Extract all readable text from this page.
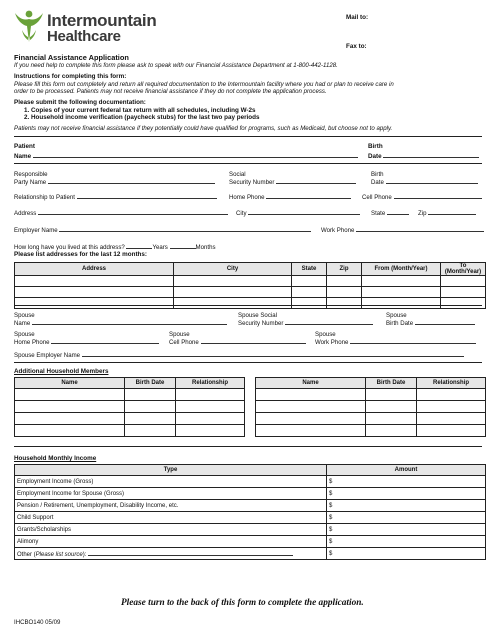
Intermountain
Healthcare
Mail to:
Fax to:
Financial Assistance Application
If you need help to complete this form please ask to speak with our Financial Assistance Department at 1-800-442-1128.
Instructions for completing this form:
Please fill this form out completely and return all required documentation to the Intermountain facility where you had or plan to receive care in
order to be processed. Patients may not receive financial assistance if they do not complete the application process.
Please submit the following documentation:
1. Copies of your current federal tax return with all schedules, including W-2s
2. Household income verification (paycheck stubs) for the last two pay periods
Patients may not receive financial assistance if they potentially could have qualified for programs, such as Medicaid, but choose not to apply.
Patient	Birth
Name	Date
Responsible	Social	Birth
Party Name	Security Number	Date
Relationship to Patient	Home Phone	Cell Phone
Address	City	State	Zip
Employer Name	Work Phone
How long have you lived at this address?	Years	Months
Please list addresses for the last 12 months:
Address	City	State	Zip	From (Month/Year)	To (Month/Year)

Spouse	Spouse Social	Spouse
Name	Security Number	Birth Date
Spouse	Spouse	Spouse
Home Phone	Cell Phone	Work Phone
Spouse Employer Name
Additional Household Members
Name	Birth Date	Relationship

			Name	Birth Date	Relationship

Household Monthly Income
Type	Amount
Employment Income (Gross)	$
Employment Income for Spouse (Gross)	$
Pension / Retirement, Unemployment, Disability Income, etc.	$
Child Support	$
Grants/Scholarships	$
Alimony	$
Other (Please list source):	$
Please turn to the back of this form to complete the application.
IHCBO140 05/09
